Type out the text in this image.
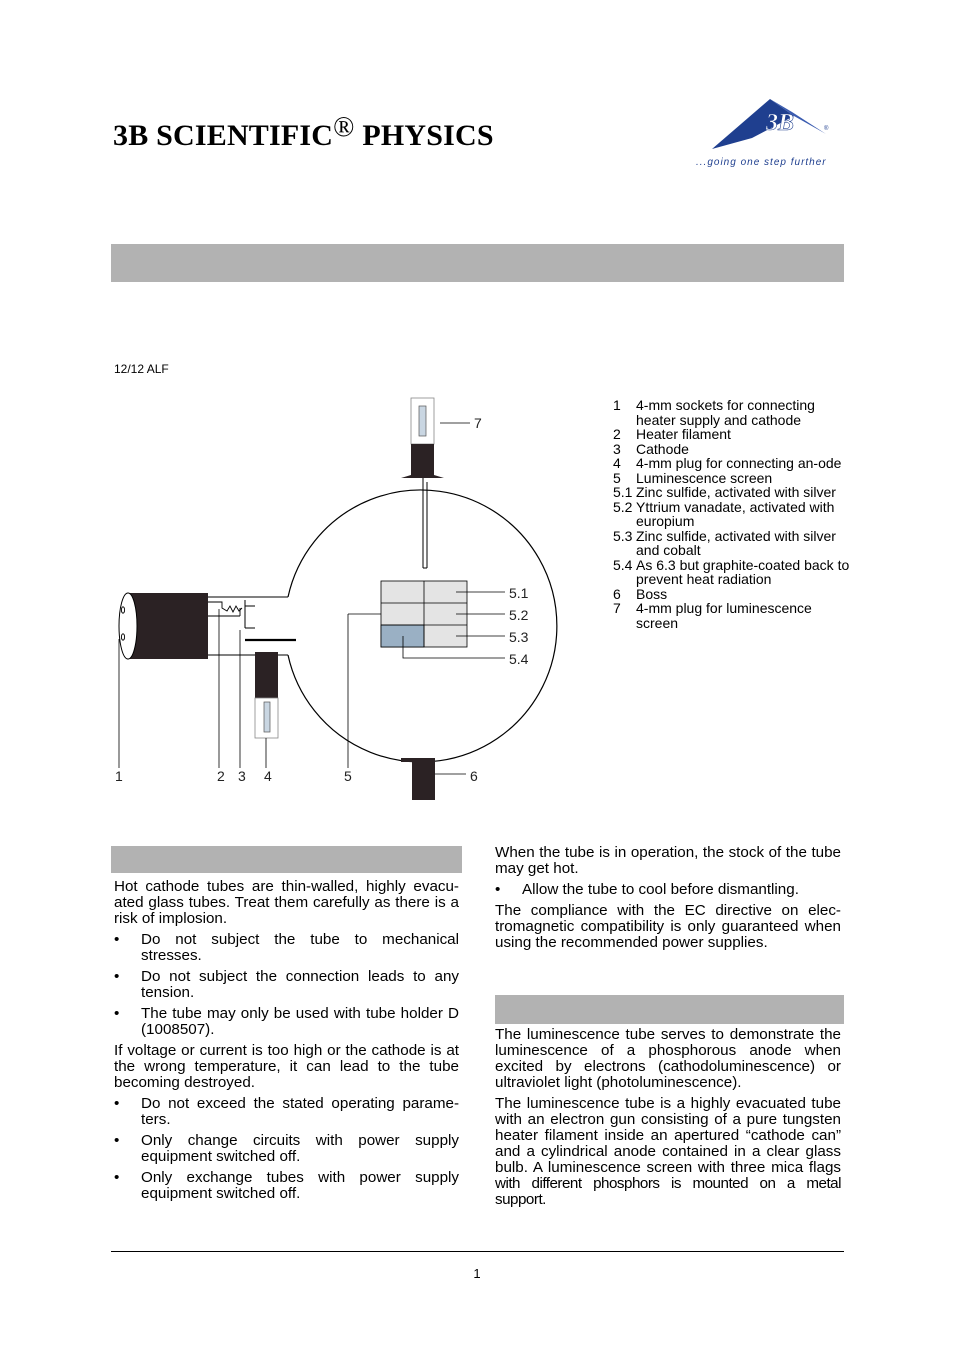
3B SCIENTIFIC® PHYSICS	3B	®
...going one step further
12/12 ALF
1	2 3 4	5	6
7
5.1
5.2
5.3
5.4
1	4-mm sockets for connecting heater supply and cathode
2	Heater filament
3	Cathode
4	4-mm plug for connecting an-ode
5	Luminescence screen
5.1 Zinc sulfide, activated with silver
5.2 Yttrium vanadate, activated with europium
5.3 Zinc sulfide, activated with silver and cobalt
5.4 As 6.3 but graphite-coated back to prevent heat radiation
6	Boss
7	4-mm plug for luminescence screen

Hot cathode tubes are thin-walled, highly evacu-ated glass tubes. Treat them carefully as there is a risk of implosion.

•	Do not subject the tube to mechanical stresses.
•	Do not subject the connection leads to any tension.
•	The tube may only be used with tube holder D (1008507).

If voltage or current is too high or the cathode is at the wrong temperature, it can lead to the tube becoming destroyed.

•	Do not exceed the stated operating parame-ters.
•	Only change circuits with power supply equipment switched off.
•	Only exchange tubes with power supply equipment switched off.

When the tube is in operation, the stock of the tube may get hot.

•	Allow the tube to cool before dismantling.

The compliance with the EC directive on elec-tromagnetic compatibility is only guaranteed when using the recommended power supplies.

The luminescence tube serves to demonstrate the luminescence of a phosphorous anode when excited by electrons (cathodoluminescence) or ultraviolet light (photoluminescence).

The luminescence tube is a highly evacuated tube with an electron gun consisting of a pure tungsten heater filament inside an apertured “cathode can” and a cylindrical anode contained in a clear glass bulb. A luminescence screen with three mica flags with different phosphors is mounted on a metal support.

1
